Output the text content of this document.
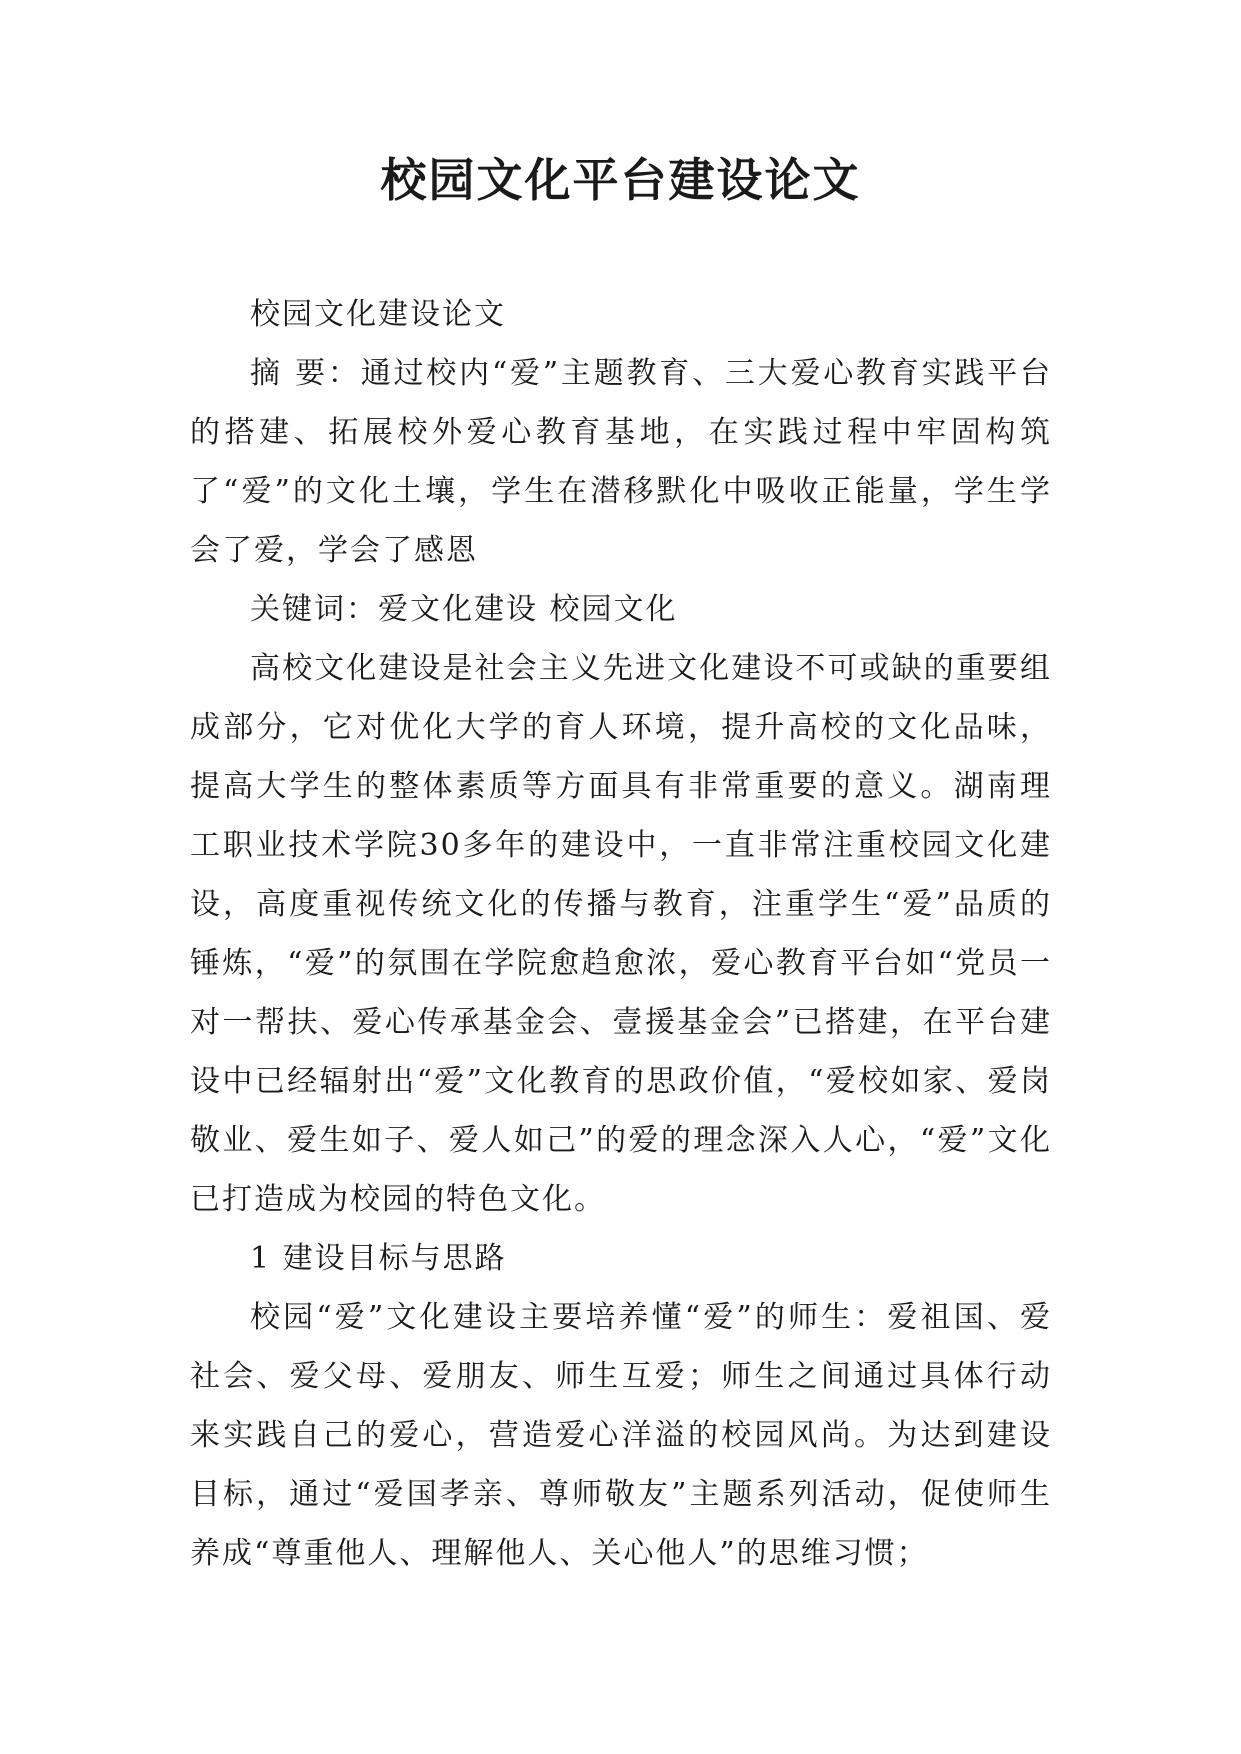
校园文化平台建设论文

校园文化建设论文

摘 要：通过校内“爱”主题教育、三大爱心教育实践平台的搭建、拓展校外爱心教育基地，在实践过程中牢固构筑了“爱”的文化土壤，学生在潜移默化中吸收正能量，学生学会了爱，学会了感恩

关键词：爱文化建设 校园文化

高校文化建设是社会主义先进文化建设不可或缺的重要组成部分，它对优化大学的育人环境，提升高校的文化品味，提高大学生的整体素质等方面具有非常重要的意义。湖南理工职业技术学院30多年的建设中，一直非常注重校园文化建设，高度重视传统文化的传播与教育，注重学生“爱”品质的锤炼，“爱”的氛围在学院愈趋愈浓，爱心教育平台如“党员一对一帮扶、爱心传承基金会、壹援基金会”已搭建，在平台建设中已经辐射出“爱”文化教育的思政价值，“爱校如家、爱岗敬业、爱生如子、爱人如己”的爱的理念深入人心，“爱”文化已打造成为校园的特色文化。

1 建设目标与思路

校园“爱”文化建设主要培养懂“爱”的师生：爱祖国、爱社会、爱父母、爱朋友、师生互爱；师生之间通过具体行动来实践自己的爱心，营造爱心洋溢的校园风尚。为达到建设目标，通过“爱国孝亲、尊师敬友”主题系列活动，促使师生养成“尊重他人、理解他人、关心他人”的思维习惯；
